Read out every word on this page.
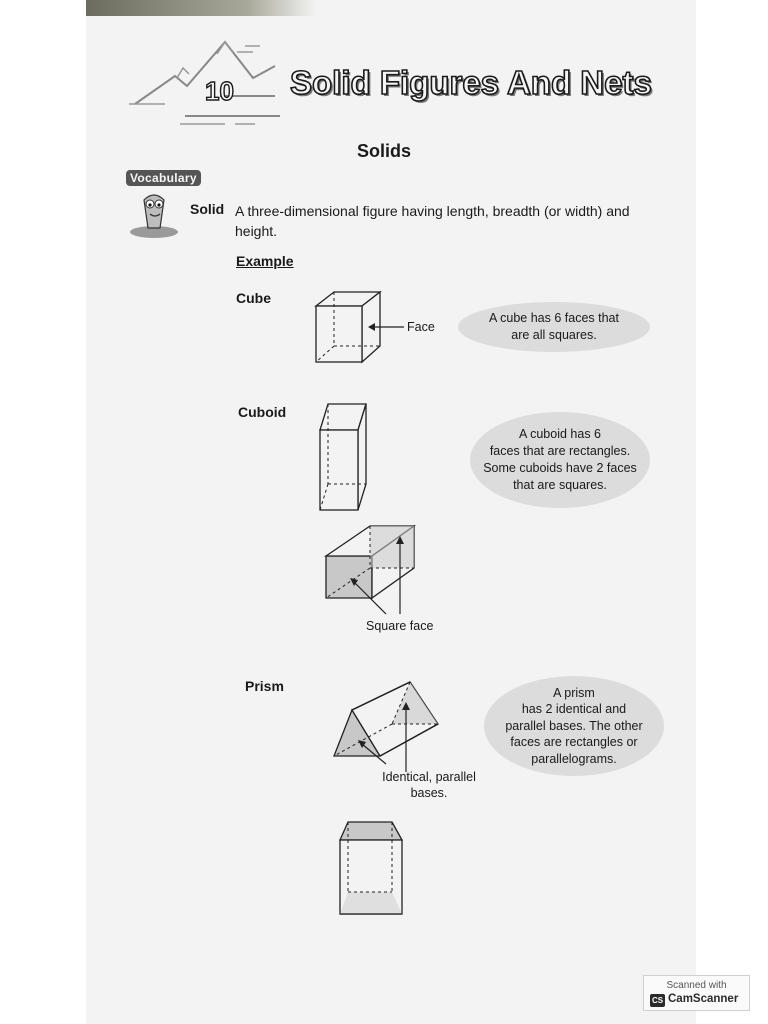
10 Solid Figures And Nets
Solids
Vocabulary
Solid A three-dimensional figure having length, breadth (or width) and height.
Example
Cube
Face
A cube has 6 faces that
are all squares.
Cuboid
A cuboid has 6
faces that are rectangles.
Some cuboids have 2 faces
that are squares.
Square face
Prism
Identical, parallel
bases.
A prism
has 2 identical and
parallel bases. The other
faces are rectangles or
parallelograms.
Scanned with
CS CamScanner
